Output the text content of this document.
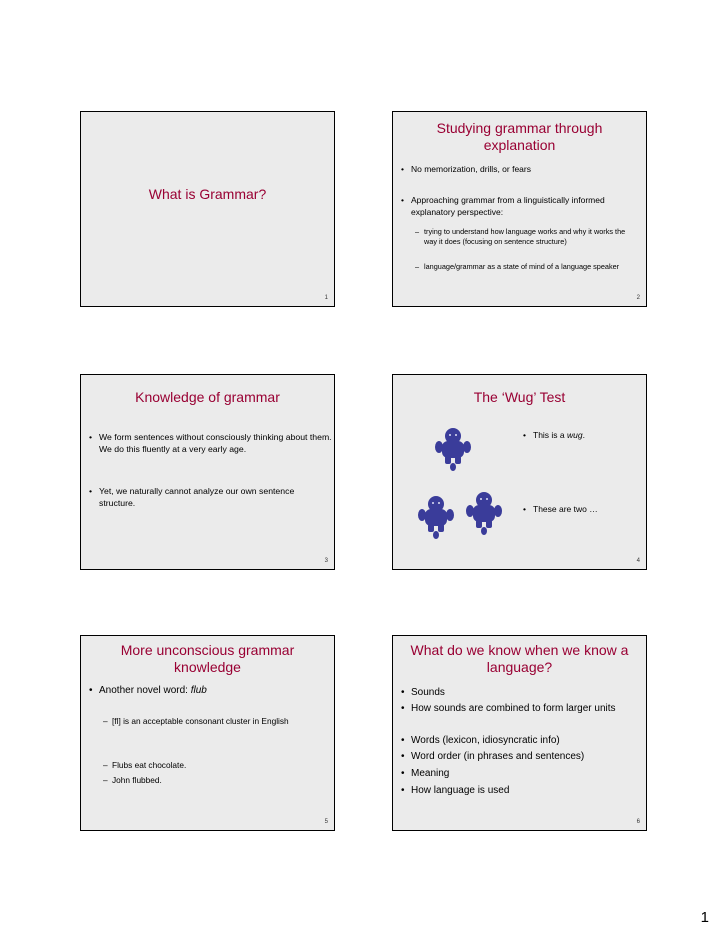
What is Grammar?
1
Studying grammar through explanation
• No memorization, drills, or fears
• Approaching grammar from a linguistically informed explanatory perspective:
– trying to understand how language works and why it works the way it does (focusing on sentence structure)
– language/grammar as a state of mind of a language speaker
2
Knowledge of grammar
• We form sentences without consciously thinking about them. We do this fluently at a very early age.
• Yet, we naturally cannot analyze our own sentence structure.
3
The ‘Wug’ Test
• This is a wug.
• These are two …
4
More unconscious grammar knowledge
• Another novel word: flub
– [fl] is an acceptable consonant cluster in English
– Flubs eat chocolate.
– John flubbed.
5
What do we know when we know a language?
• Sounds
• How sounds are combined to form larger units
• Words (lexicon, idiosyncratic info)
• Word order (in phrases and sentences)
• Meaning
• How language is used
6
1
